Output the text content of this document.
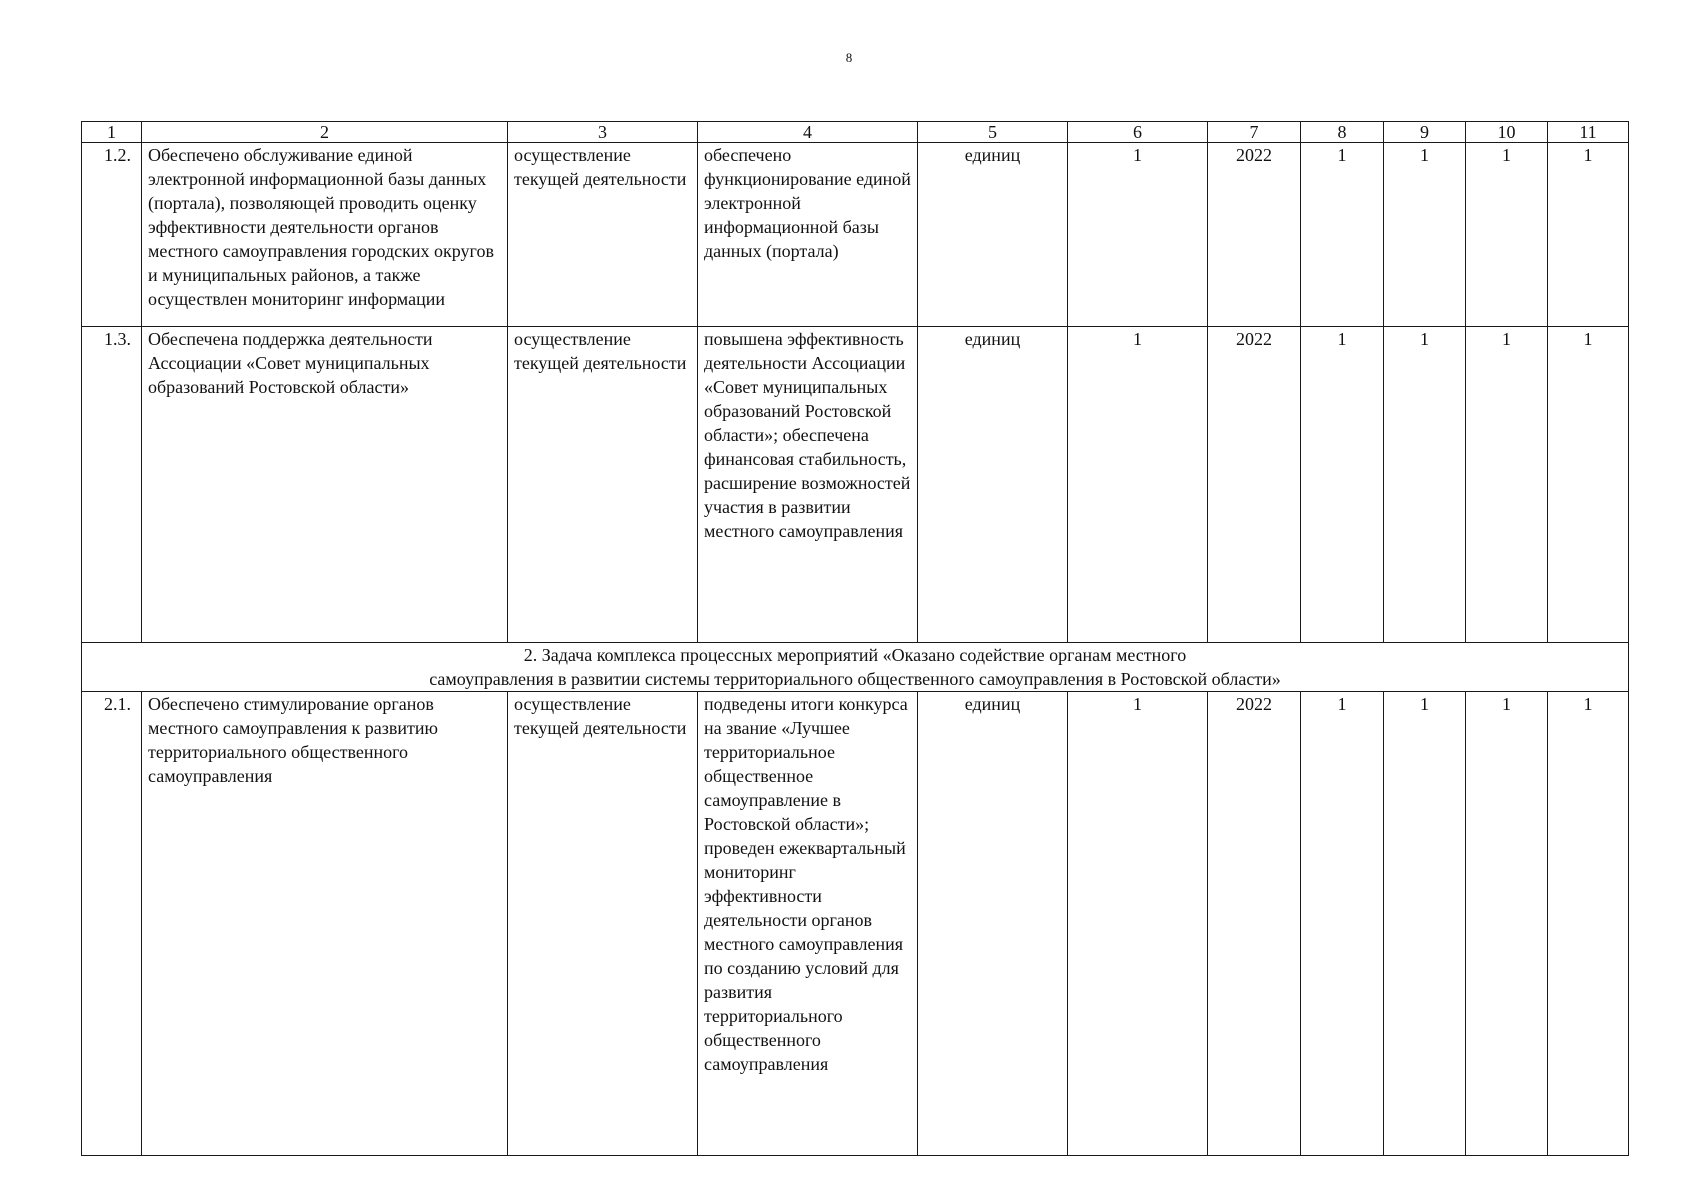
8
1	2	3	4	5	6	7	8	9	10	11
1.2.	Обеспечено обслуживание единой электронной информационной базы данных (портала), позволяющей проводить оценку эффективности деятельности органов местного самоуправления городских округов и муниципальных районов, а также осуществлен мониторинг информации	осуществление текущей деятельности	обеспечено функционирование единой электронной информационной базы данных (портала)	единиц	1	2022	1	1	1	1
1.3.	Обеспечена поддержка деятельности Ассоциации «Совет муниципальных образований Ростовской области»	осуществление текущей деятельности	повышена эффективность деятельности Ассоциации «Совет муниципальных образований Ростовской области»; обеспечена финансовая стабильность, расширение возможностей участия в развитии местного самоуправления	единиц	1	2022	1	1	1	1
2. Задача комплекса процессных мероприятий «Оказано содействие органам местного
самоуправления в развитии системы территориального общественного самоуправления в Ростовской области»										
2.1.	Обеспечено стимулирование органов местного самоуправления к развитию территориального общественного самоуправления	осуществление текущей деятельности	подведены итоги конкурса на звание «Лучшее территориальное общественное самоуправление в Ростовской области»; проведен ежеквартальный мониторинг эффективности деятельности органов местного самоуправления по созданию условий для развития территориального общественного самоуправления	единиц	1	2022	1	1	1	1
